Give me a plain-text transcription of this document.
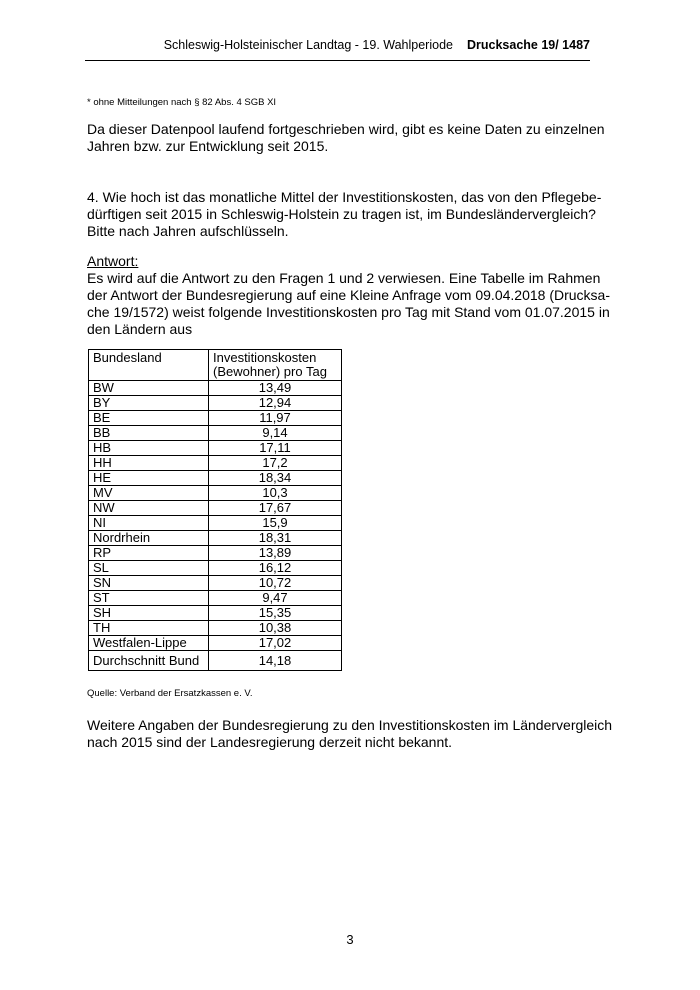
Schleswig-Holsteinischer Landtag - 19. Wahlperiode Drucksache 19/ 1487
* ohne Mitteilungen nach § 82 Abs. 4 SGB XI
Da dieser Datenpool laufend fortgeschrieben wird, gibt es keine Daten zu einzelnen
Jahren bzw. zur Entwicklung seit 2015.
4. Wie hoch ist das monatliche Mittel der Investitionskosten, das von den Pflegebe-
dürftigen seit 2015 in Schleswig-Holstein zu tragen ist, im Bundesländervergleich?
Bitte nach Jahren aufschlüsseln.
Antwort:
Es wird auf die Antwort zu den Fragen 1 und 2 verwiesen. Eine Tabelle im Rahmen
der Antwort der Bundesregierung auf eine Kleine Anfrage vom 09.04.2018 (Drucksa-
che 19/1572) weist folgende Investitionskosten pro Tag mit Stand vom 01.07.2015 in
den Ländern aus
Bundesland	Investitionskosten
(Bewohner) pro Tag

BW	13,49
BY	12,94
BE	11,97
BB	9,14
HB	17,11
HH	17,2
HE	18,34
MV	10,3
NW	17,67
NI	15,9
Nordrhein	18,31
RP	13,89
SL	16,12
SN	10,72
ST	9,47
SH	15,35
TH	10,38
Westfalen-Lippe	17,02
Durchschnitt Bund	14,18
Quelle: Verband der Ersatzkassen e. V.
Weitere Angaben der Bundesregierung zu den Investitionskosten im Ländervergleich
nach 2015 sind der Landesregierung derzeit nicht bekannt.
3
